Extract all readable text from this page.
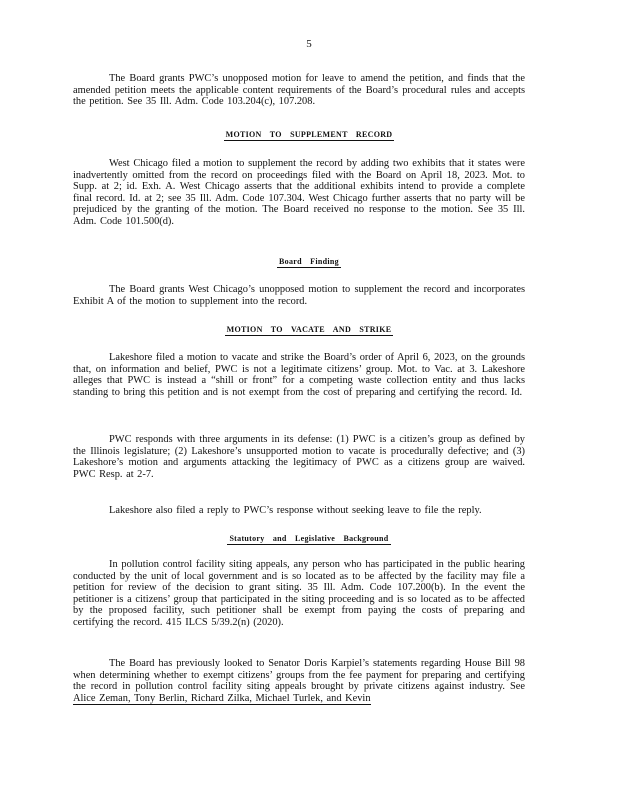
5

The Board grants PWC’s unopposed motion for leave to amend the petition, and finds that the amended petition meets the applicable content requirements of the Board’s procedural rules and accepts the petition. See 35 Ill. Adm. Code 103.204(c), 107.208.

MOTION TO SUPPLEMENT RECORD

West Chicago filed a motion to supplement the record by adding two exhibits that it states were inadvertently omitted from the record on proceedings filed with the Board on April 18, 2023. Mot. to Supp. at 2; id. Exh. A. West Chicago asserts that the additional exhibits intend to provide a complete final record. Id. at 2; see 35 Ill. Adm. Code 107.304. West Chicago further asserts that no party will be prejudiced by the granting of the motion. The Board received no response to the motion. See 35 Ill. Adm. Code 101.500(d).

Board Finding

The Board grants West Chicago’s unopposed motion to supplement the record and incorporates Exhibit A of the motion to supplement into the record.

MOTION TO VACATE AND STRIKE

Lakeshore filed a motion to vacate and strike the Board’s order of April 6, 2023, on the grounds that, on information and belief, PWC is not a legitimate citizens’ group. Mot. to Vac. at 3. Lakeshore alleges that PWC is instead a “shill or front” for a competing waste collection entity and thus lacks standing to bring this petition and is not exempt from the cost of preparing and certifying the record. Id.

PWC responds with three arguments in its defense: (1) PWC is a citizen’s group as defined by the Illinois legislature; (2) Lakeshore’s unsupported motion to vacate is procedurally defective; and (3) Lakeshore’s motion and arguments attacking the legitimacy of PWC as a citizens group are waived. PWC Resp. at 2-7.

Lakeshore also filed a reply to PWC’s response without seeking leave to file the reply.

Statutory and Legislative Background

In pollution control facility siting appeals, any person who has participated in the public hearing conducted by the unit of local government and is so located as to be affected by the facility may file a petition for review of the decision to grant siting. 35 Ill. Adm. Code 107.200(b). In the event the petitioner is a citizens’ group that participated in the siting proceeding and is so located as to be affected by the proposed facility, such petitioner shall be exempt from paying the costs of preparing and certifying the record. 415 ILCS 5/39.2(n) (2020).

The Board has previously looked to Senator Doris Karpiel’s statements regarding House Bill 98 when determining whether to exempt citizens’ groups from the fee payment for preparing and certifying the record in pollution control facility siting appeals brought by private citizens against industry. See Alice Zeman, Tony Berlin, Richard Zilka, Michael Turlek, and Kevin
